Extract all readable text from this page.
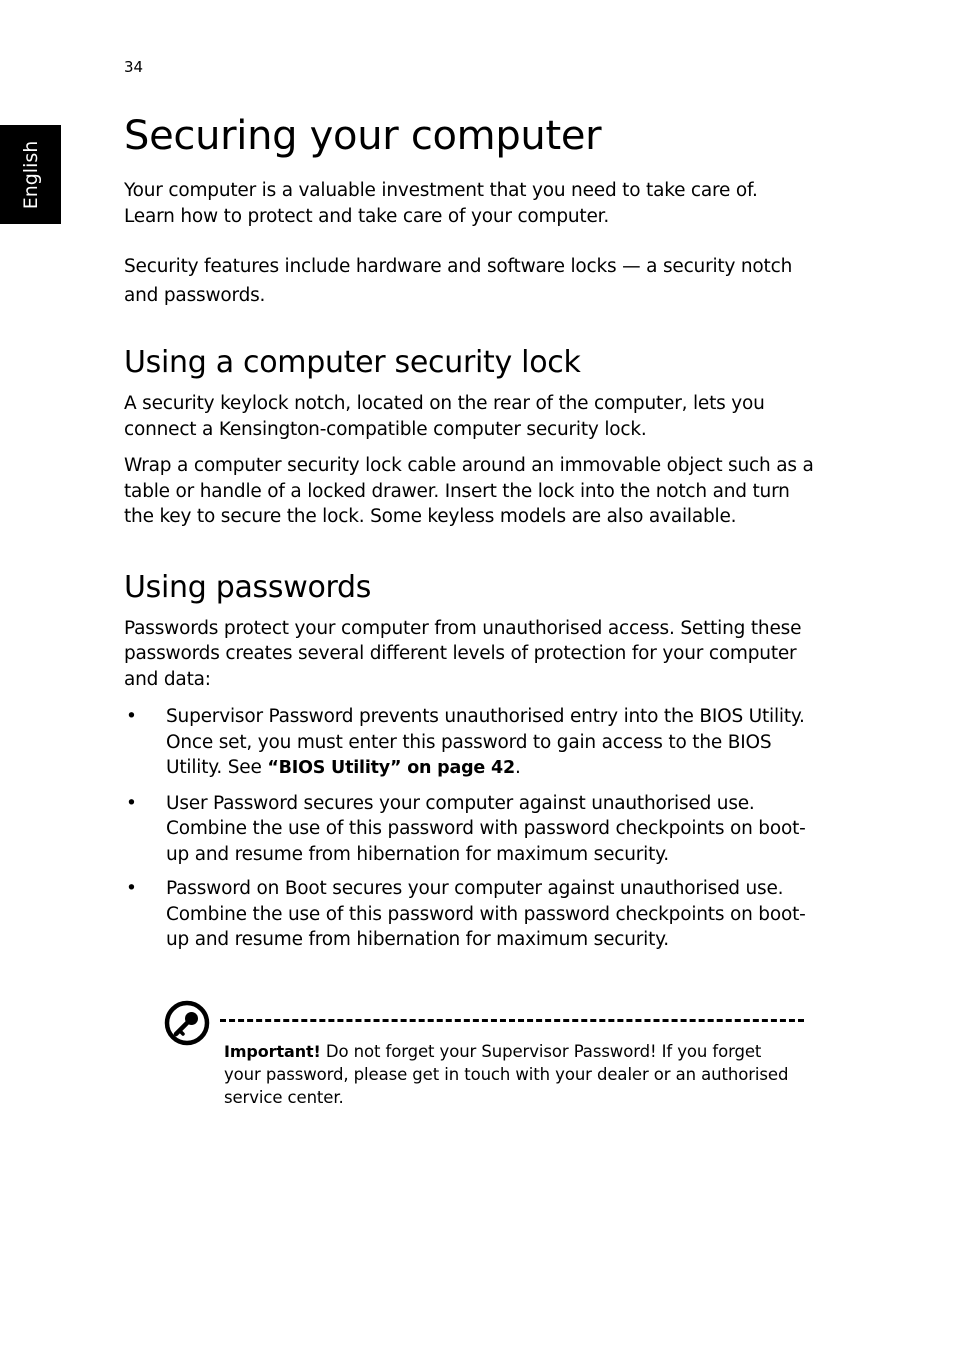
34
English
Securing your computer

Your computer is a valuable investment that you need to take care of. Learn how to protect and take care of your computer.

Security features include hardware and software locks — a security notch and passwords.

Using a computer security lock

A security keylock notch, located on the rear of the computer, lets you connect a Kensington-compatible computer security lock.

Wrap a computer security lock cable around an immovable object such as a table or handle of a locked drawer. Insert the lock into the notch and turn the key to secure the lock. Some keyless models are also available.

Using passwords

Passwords protect your computer from unauthorised access. Setting these passwords creates several different levels of protection for your computer and data:

• Supervisor Password prevents unauthorised entry into the BIOS Utility. Once set, you must enter this password to gain access to the BIOS Utility. See “BIOS Utility” on page 42.
• User Password secures your computer against unauthorised use. Combine the use of this password with password checkpoints on boot-up and resume from hibernation for maximum security.
• Password on Boot secures your computer against unauthorised use. Combine the use of this password with password checkpoints on boot-up and resume from hibernation for maximum security.
Important! Do not forget your Supervisor Password! If you forget your password, please get in touch with your dealer or an authorised service center.
